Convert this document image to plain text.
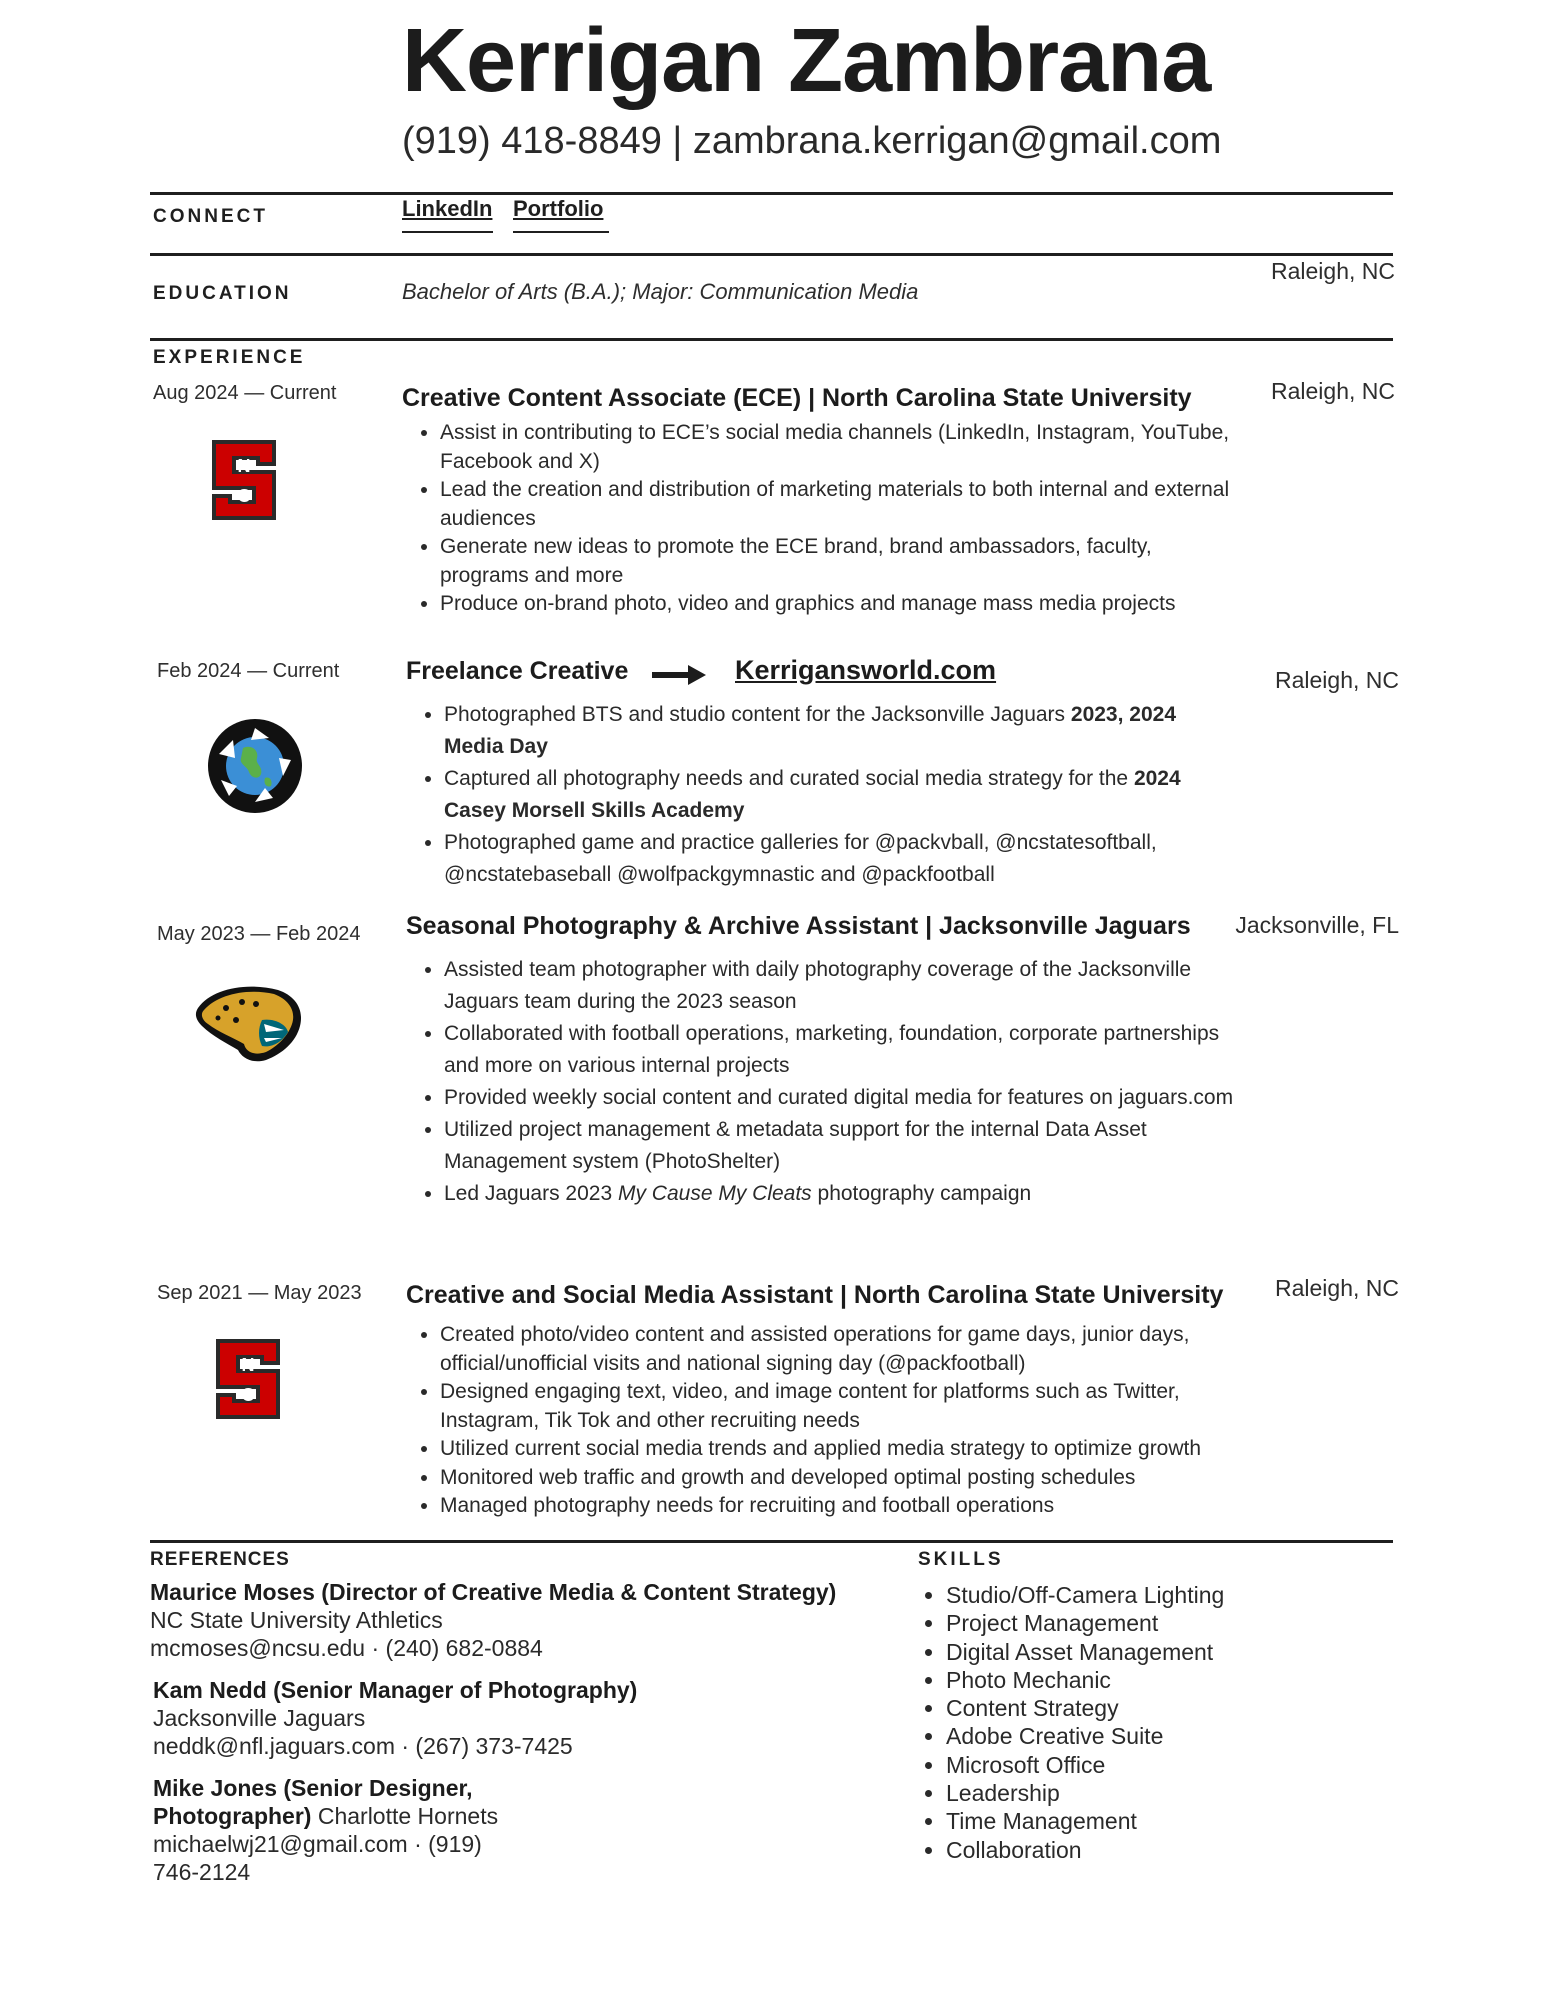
Kerrigan Zambrana
(919) 418-8849 | zambrana.kerrigan@gmail.com
CONNECT	LinkedIn Portfolio
EDUCATION	Bachelor of Arts (B.A.); Major: Communication Media
Raleigh, NC
EXPERIENCE
Aug 2024 — Current	Creative Content Associate (ECE) | North Carolina State University	Raleigh, NC
N
C
• Assist in contributing to ECE’s social media channels (LinkedIn, Instagram, YouTube, Facebook and X)
• Lead the creation and distribution of marketing materials to both internal and external audiences
• Generate new ideas to promote the ECE brand, brand ambassadors, faculty, programs and more
• Produce on-brand photo, video and graphics and manage mass media projects
Feb 2024 — Current	Freelance Creative	Kerrigansworld.com	Raleigh, NC
• Photographed BTS and studio content for the Jacksonville Jaguars 2023, 2024 Media Day
• Captured all photography needs and curated social media strategy for the 2024 Casey Morsell Skills Academy
• Photographed game and practice galleries for @packvball, @ncstatesoftball, @ncstatebaseball @wolfpackgymnastic and @packfootball
May 2023 — Feb 2024 Seasonal Photography & Archive Assistant | Jacksonville Jaguars Jacksonville, FL
• Assisted team photographer with daily photography coverage of the Jacksonville Jaguars team during the 2023 season
• Collaborated with football operations, marketing, foundation, corporate partnerships and more on various internal projects
• Provided weekly social content and curated digital media for features on jaguars.com
• Utilized project management & metadata support for the internal Data Asset Management system (PhotoShelter)
• Led Jaguars 2023 My Cause My Cleats photography campaign
Sep 2021 — May 2023 Creative and Social Media Assistant | North Carolina State University Raleigh, NC
N
C
• Created photo/video content and assisted operations for game days, junior days, official/unofficial visits and national signing day (@packfootball)
• Designed engaging text, video, and image content for platforms such as Twitter, Instagram, Tik Tok and other recruiting needs
• Utilized current social media trends and applied media strategy to optimize growth
• Monitored web traffic and growth and developed optimal posting schedules
• Managed photography needs for recruiting and football operations
REFERENCES	SKILLS
Maurice Moses (Director of Creative Media & Content Strategy)
NC State University Athletics
mcmoses@ncsu.edu · (240) 682-0884
Kam Nedd (Senior Manager of Photography)
Jacksonville Jaguars
neddk@nfl.jaguars.com · (267) 373-7425
Mike Jones (Senior Designer, Photographer) Charlotte Hornets
michaelwj21@gmail.com · (919) 746-2124
• Studio/Off-Camera Lighting
• Project Management
• Digital Asset Management
• Photo Mechanic
• Content Strategy
• Adobe Creative Suite
• Microsoft Office
• Leadership
• Time Management
• Collaboration
